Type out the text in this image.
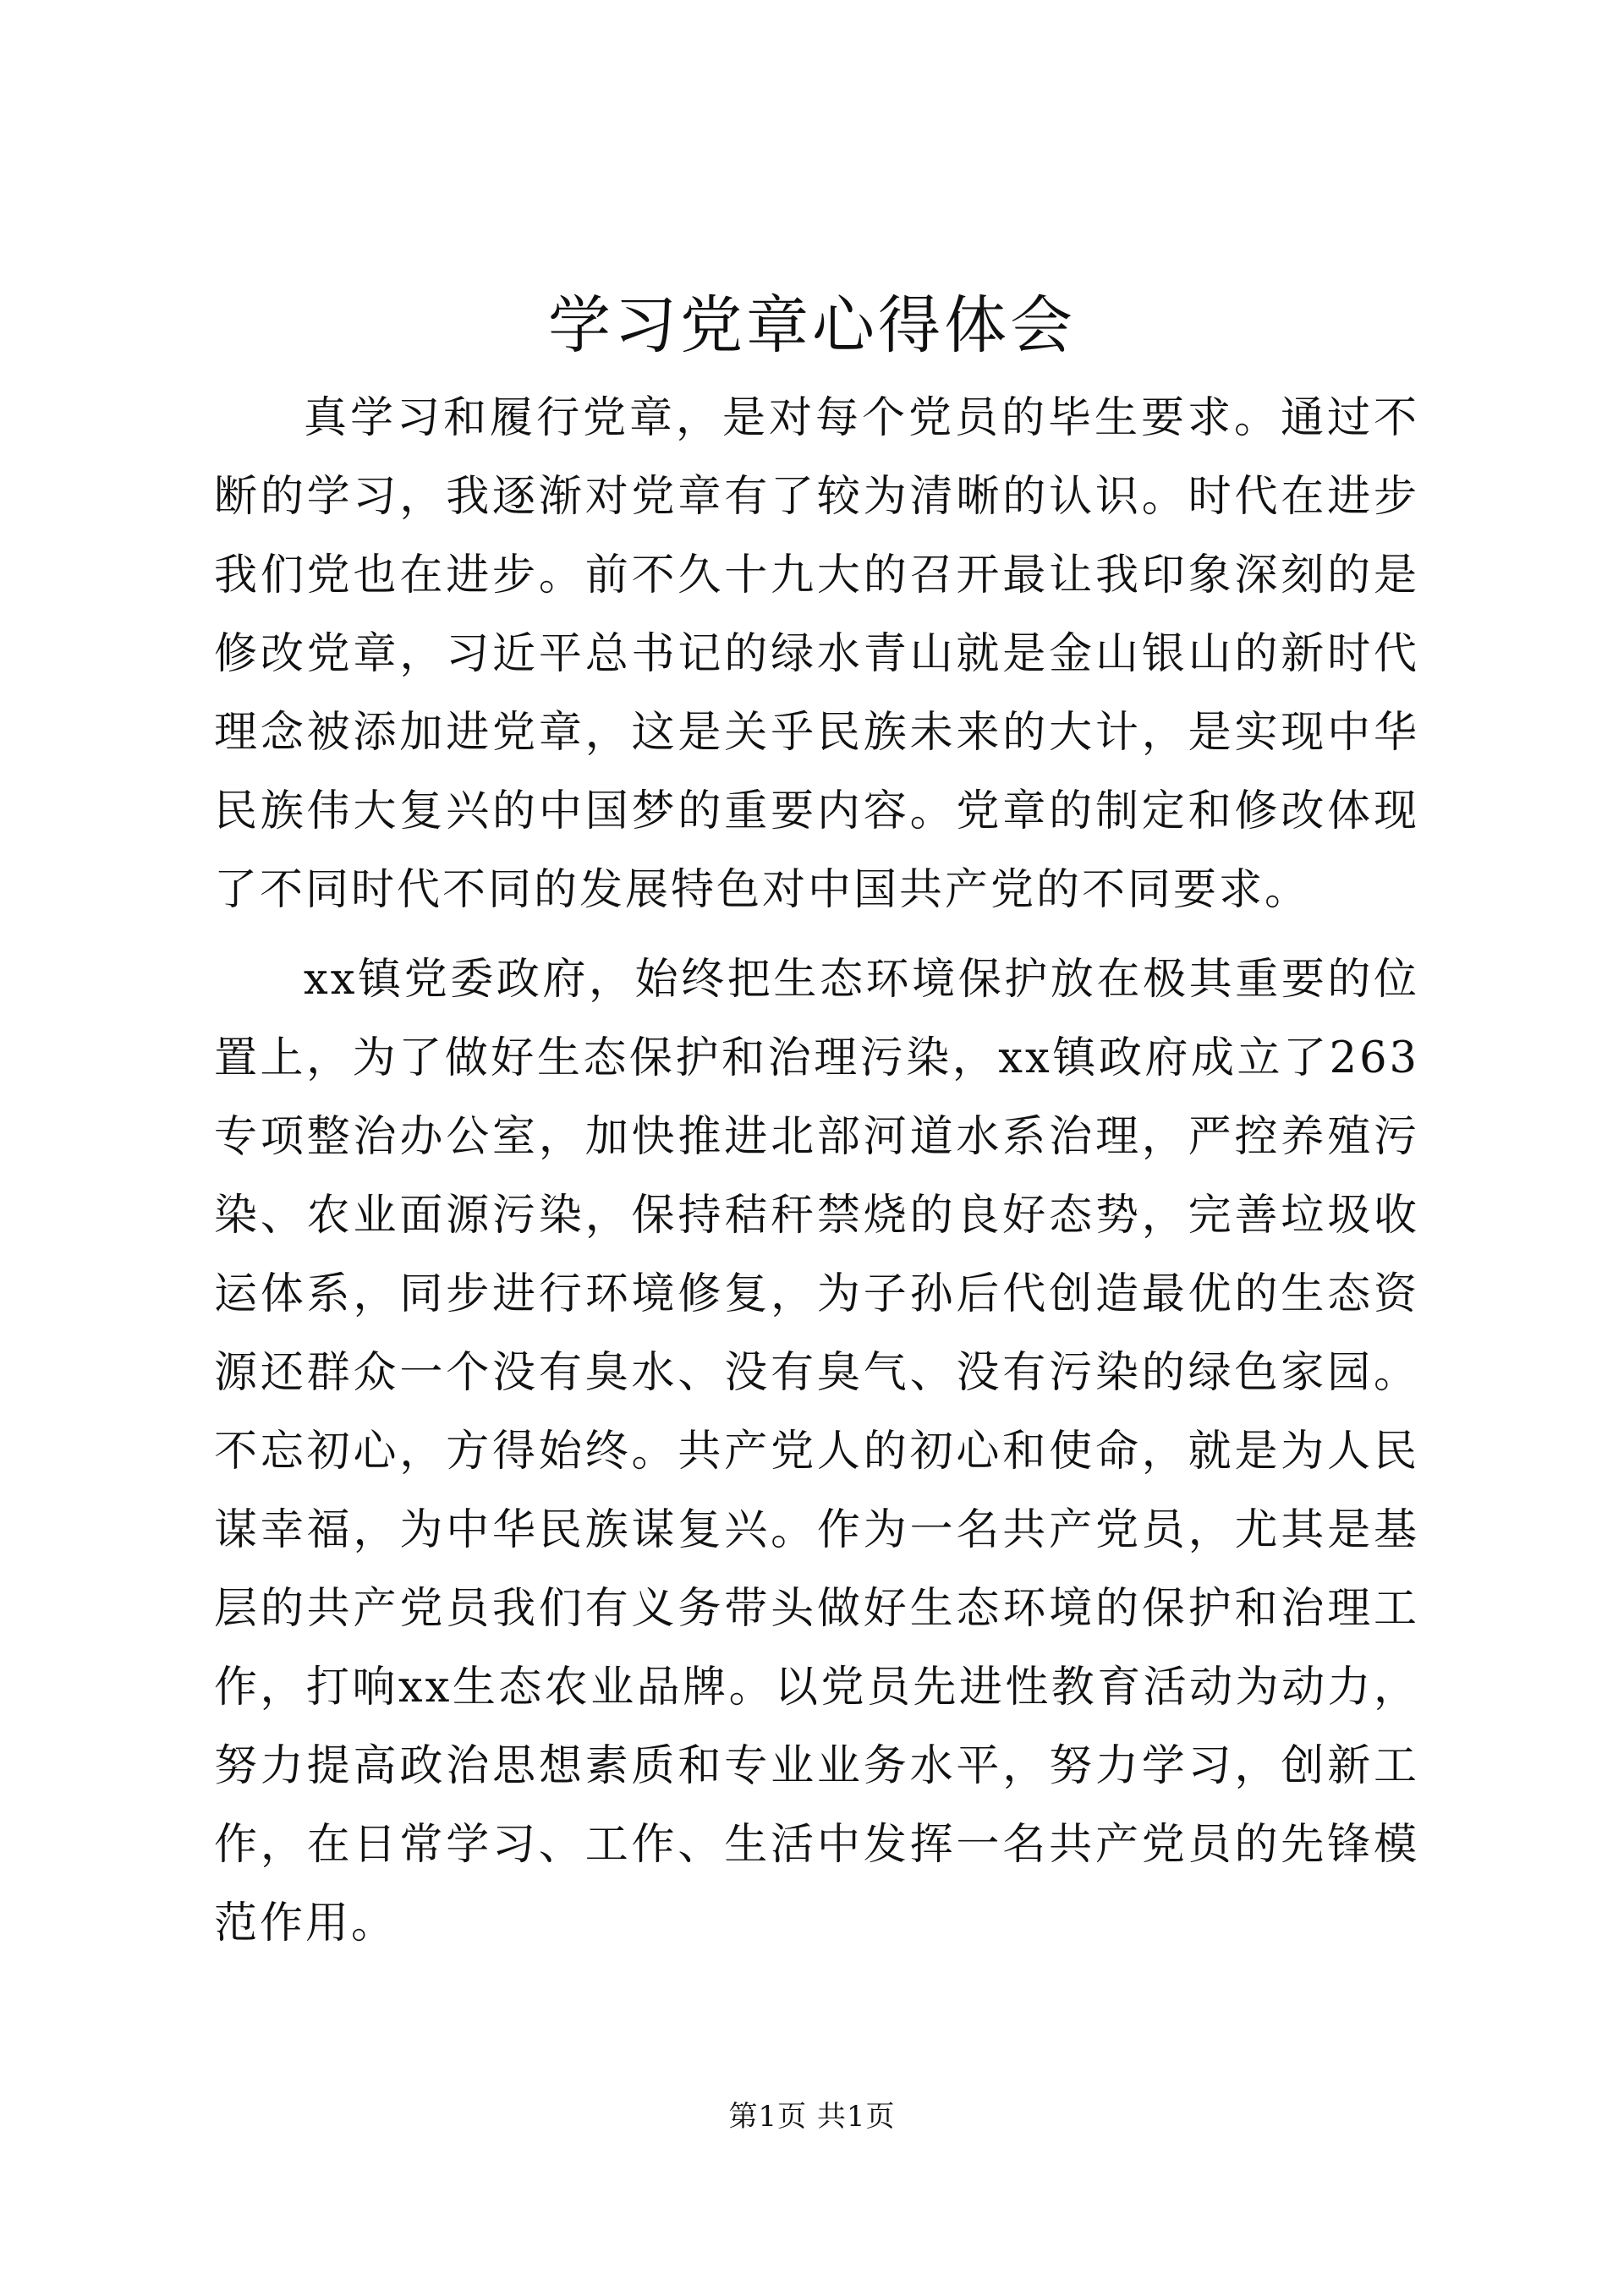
学习党章心得体会

真学习和履行党章，是对每个党员的毕生要求。通过不断的学习，我逐渐对党章有了较为清晰的认识。时代在进步我们党也在进步。前不久十九大的召开最让我印象深刻的是修改党章，习近平总书记的绿水青山就是金山银山的新时代理念被添加进党章，这是关乎民族未来的大计，是实现中华民族伟大复兴的中国梦的重要内容。党章的制定和修改体现了不同时代不同的发展特色对中国共产党的不同要求。

xx镇党委政府，始终把生态环境保护放在极其重要的位置上，为了做好生态保护和治理污染，xx镇政府成立了263专项整治办公室，加快推进北部河道水系治理，严控养殖污染、农业面源污染，保持秸秆禁烧的良好态势，完善垃圾收运体系，同步进行环境修复，为子孙后代创造最优的生态资源还群众一个没有臭水、没有臭气、没有污染的绿色家园。不忘初心，方得始终。共产党人的初心和使命，就是为人民谋幸福，为中华民族谋复兴。作为一名共产党员，尤其是基层的共产党员我们有义务带头做好生态环境的保护和治理工作，打响xx生态农业品牌。以党员先进性教育活动为动力，努力提高政治思想素质和专业业务水平，努力学习，创新工作，在日常学习、工作、生活中发挥一名共产党员的先锋模范作用。

第1页 共1页
